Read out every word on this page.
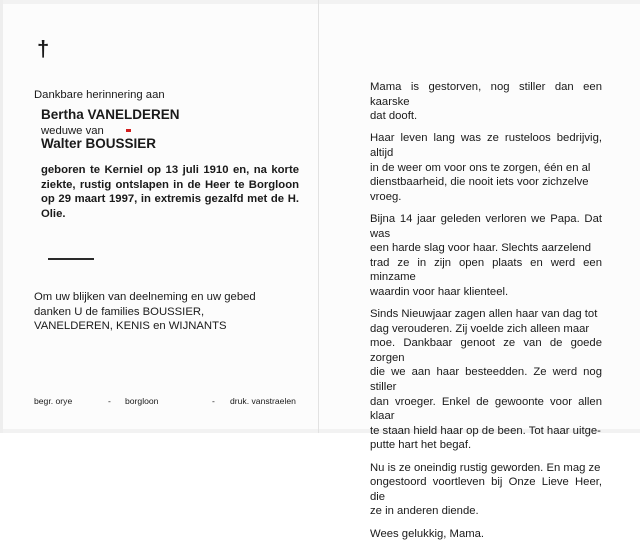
†

Dankbare herinnering aan

Bertha VANELDEREN

weduwe van

Walter BOUSSIER

geboren te Kerniel op 13 juli 1910 en, na korte ziekte, rustig ontslapen in de Heer te Borgloon op 29 maart 1997, in extremis gezalfd met de H. Olie.

Om uw blijken van deelneming en uw gebed
danken U de families BOUSSIER,
VANELDEREN, KENIS en WIJNANTS
begr. orye	- borgloon	- druk. vanstraelen

Mama is gestorven, nog stiller dan een kaarske
dat dooft.

Haar leven lang was ze rusteloos bedrijvig, altijd
in de weer om voor ons te zorgen, één en al
dienstbaarheid, die nooit iets voor zichzelve
vroeg.

Bijna 14 jaar geleden verloren we Papa. Dat was
een harde slag voor haar. Slechts aarzelend
trad ze in zijn open plaats en werd een minzame
waardin voor haar klienteel.

Sinds Nieuwjaar zagen allen haar van dag tot
dag verouderen. Zij voelde zich alleen maar
moe. Dankbaar genoot ze van de goede zorgen
die we aan haar besteedden. Ze werd nog stiller
dan vroeger. Enkel de gewoonte voor allen klaar
te staan hield haar op de been. Tot haar uitge-
putte hart het begaf.

Nu is ze oneindig rustig geworden. En mag ze
ongestoord voortleven bij Onze Lieve Heer, die
ze in anderen diende.

Wees gelukkig, Mama.
